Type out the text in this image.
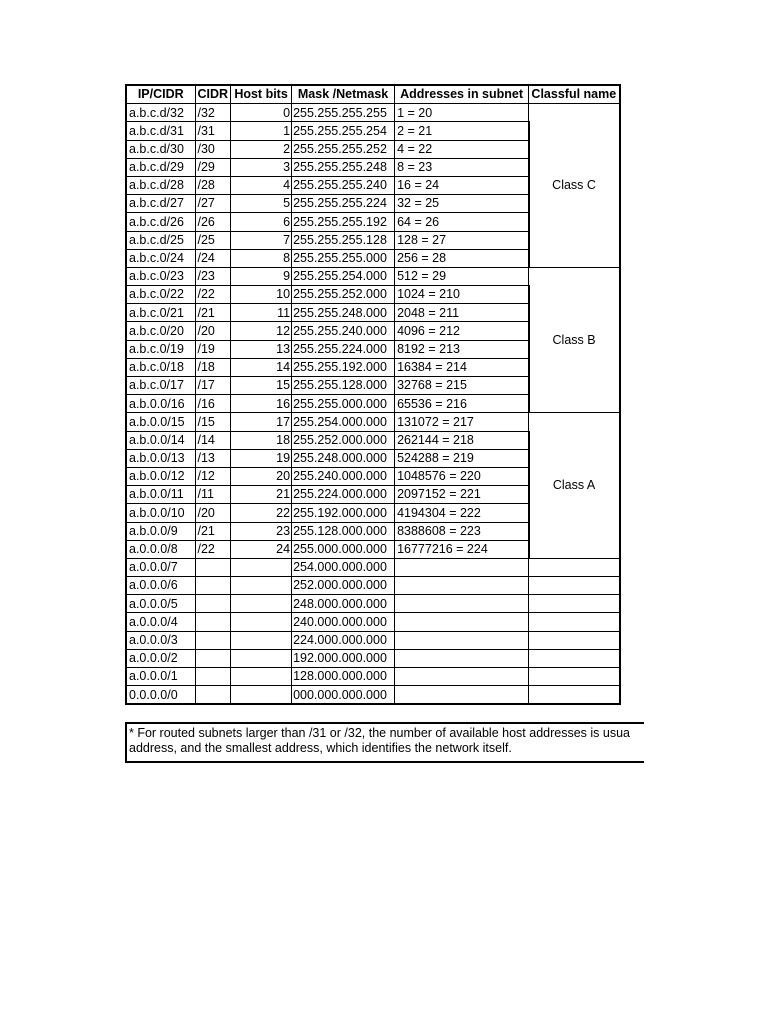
IP/CIDR	CIDR	Host bits	Mask /Netmask	Addresses in subnet	Classful name
a.b.c.d/32	/32	0	255.255.255.255	1 = 20	Class C
a.b.c.d/31	/31	1	255.255.255.254	2 = 21	
a.b.c.d/30	/30	2	255.255.255.252	4 = 22	
a.b.c.d/29	/29	3	255.255.255.248	8 = 23	
a.b.c.d/28	/28	4	255.255.255.240	16 = 24	
a.b.c.d/27	/27	5	255.255.255.224	32 = 25	
a.b.c.d/26	/26	6	255.255.255.192	64 = 26	
a.b.c.d/25	/25	7	255.255.255.128	128 = 27	
a.b.c.0/24	/24	8	255.255.255.000	256 = 28	
a.b.c.0/23	/23	9	255.255.254.000	512 = 29	Class B
a.b.c.0/22	/22	10	255.255.252.000	1024 = 210	
a.b.c.0/21	/21	11	255.255.248.000	2048 = 211	
a.b.c.0/20	/20	12	255.255.240.000	4096 = 212	
a.b.c.0/19	/19	13	255.255.224.000	8192 = 213	
a.b.c.0/18	/18	14	255.255.192.000	16384 = 214	
a.b.c.0/17	/17	15	255.255.128.000	32768 = 215	
a.b.0.0/16	/16	16	255.255.000.000	65536 = 216	
a.b.0.0/15	/15	17	255.254.000.000	131072 = 217	Class A
a.b.0.0/14	/14	18	255.252.000.000	262144 = 218	
a.b.0.0/13	/13	19	255.248.000.000	524288 = 219	
a.b.0.0/12	/12	20	255.240.000.000	1048576 = 220	
a.b.0.0/11	/11	21	255.224.000.000	2097152 = 221	
a.b.0.0/10	/20	22	255.192.000.000	4194304 = 222	
a.b.0.0/9	/21	23	255.128.000.000	8388608 = 223	
a.0.0.0/8	/22	24	255.000.000.000	16777216 = 224	
a.0.0.0/7			254.000.000.000		
a.0.0.0/6			252.000.000.000		
a.0.0.0/5			248.000.000.000		
a.0.0.0/4			240.000.000.000		
a.0.0.0/3			224.000.000.000		
a.0.0.0/2			192.000.000.000		
a.0.0.0/1			128.000.000.000		
0.0.0.0/0			000.000.000.000		
* For routed subnets larger than /31 or /32, the number of available host addresses is usua
address, and the smallest address, which identifies the network itself.
